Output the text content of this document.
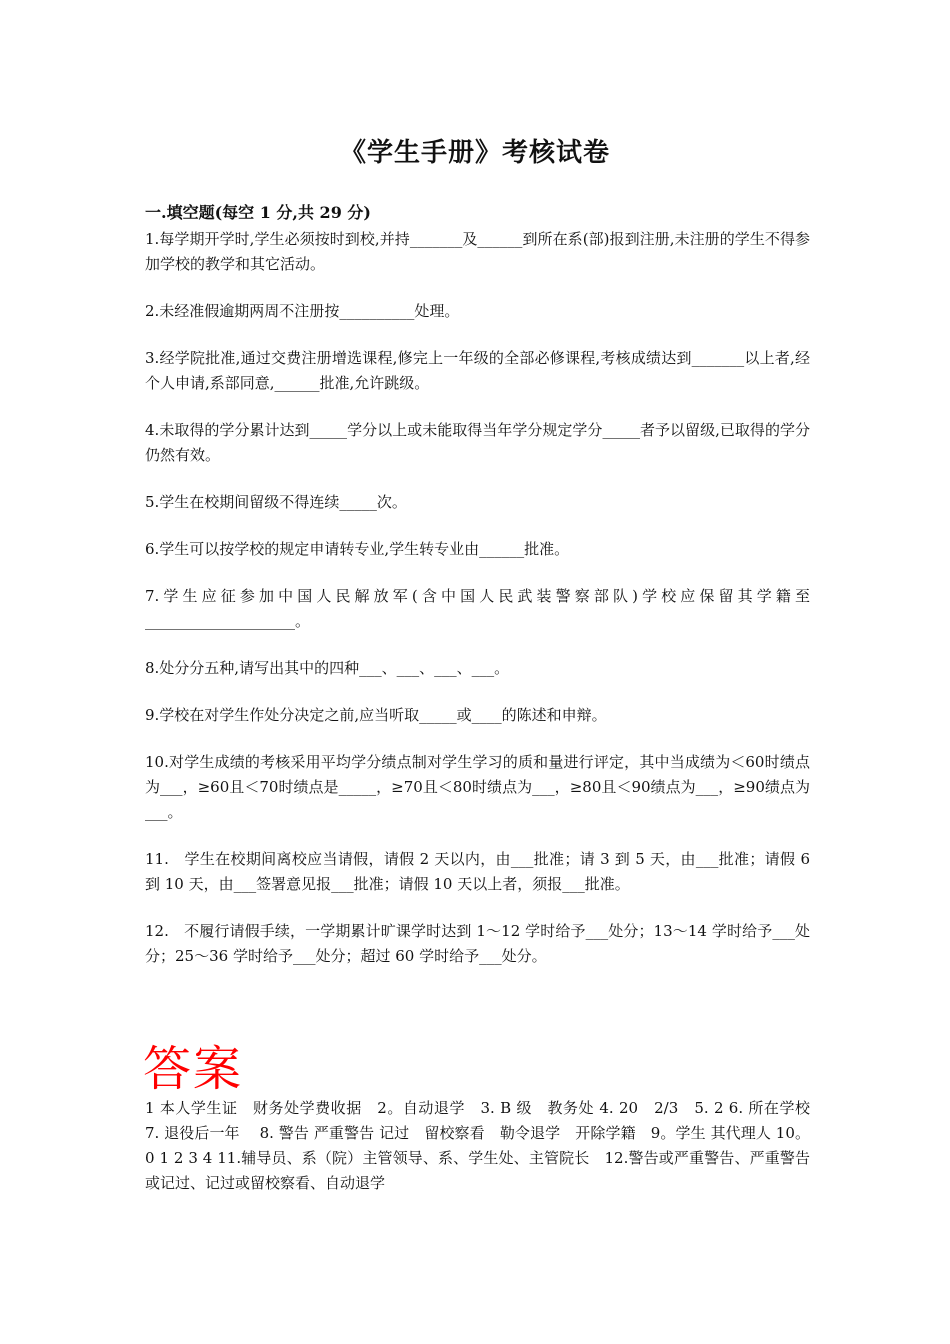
《学生手册》考核试卷
一.填空题(每空 1 分,共 29 分)

1.每学期开学时,学生必须按时到校,并持_______及______到所在系(部)报到注册,未注册的学生不得参加学校的教学和其它活动。

2.未经准假逾期两周不注册按__________处理。

3.经学院批准,通过交费注册增选课程,修完上一年级的全部必修课程,考核成绩达到_______以上者,经个人申请,系部同意,______批准,允许跳级。

4.未取得的学分累计达到_____学分以上或未能取得当年学分规定学分_____者予以留级,已取得的学分仍然有效。

5.学生在校期间留级不得连续_____次。

6.学生可以按学校的规定申请转专业,学生转专业由______批准。

7.学生应征参加中国人民解放军(含中国人民武装警察部队)学校应保留其学籍至____________________。

8.处分分五种,请写出其中的四种___、___、___、___。

9.学校在对学生作处分决定之前,应当听取_____或____的陈述和申辩。

10.对学生成绩的考核采用平均学分绩点制对学生学习的质和量进行评定，其中当成绩为＜60时绩点为___，≥60且＜70时绩点是_____，≥70且＜80时绩点为___，≥80且＜90绩点为___，≥90绩点为___。

11.　学生在校期间离校应当请假，请假 2 天以内，由___批准；请 3 到 5 天，由___批准；请假 6 到 10 天，由___签署意见报___批准；请假 10 天以上者，须报___批准。

12.　不履行请假手续，一学期累计旷课学时达到 1～12 学时给予___处分；13～14 学时给予___处分；25～36 学时给予___处分；超过 60 学时给予___处分。

答案
1 本人学生证　财务处学费收据　2。自动退学　3. B 级　教务处 4. 20　2/3　5. 2 6. 所在学校　7. 退役后一年　 8. 警告 严重警告 记过　留校察看　勒令退学　开除学籍　9。学生 其代理人 10。0 1 2 3 4 11.辅导员、系（院）主管领导、系、学生处、主管院长　12.警告或严重警告、严重警告或记过、记过或留校察看、自动退学
